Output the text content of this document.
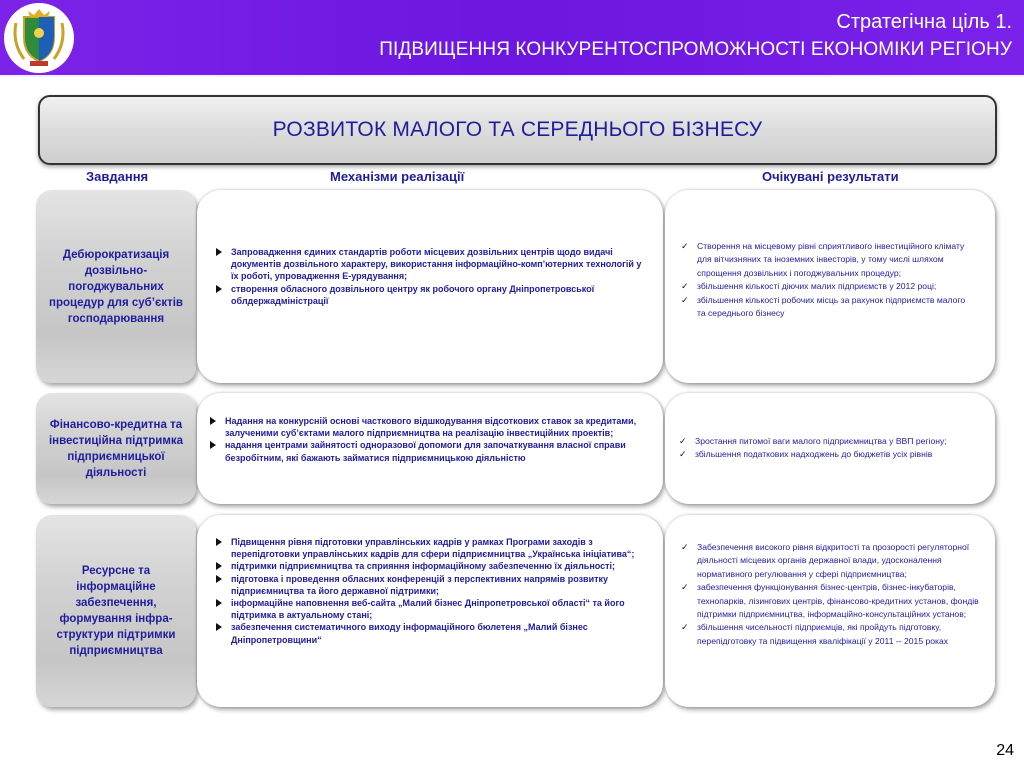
Стратегічна ціль 1.
ПІДВИЩЕННЯ КОНКУРЕНТОСПРОМОЖНОСТІ ЕКОНОМІКИ РЕГІОНУ
РОЗВИТОК МАЛОГО ТА СЕРЕДНЬОГО БІЗНЕСУ
Завдання	Механізми реалізації	Очікувані результати
Дебюрократизація дозвільно-погоджувальних процедур для суб’єктів господарювання
Запровадження єдиних стандартів роботи місцевих дозвільних центрів щодо видачі документів дозвільного характеру, використання інформаційно-комп’ютерних технологій у їх роботі, упровадження Е-урядування;
створення обласного дозвільного центру як робочого органу Дніпропетровської облдержадміністрації
✓ Створення на місцевому рівні сприятливого інвестиційного клімату для вітчизняних та іноземних інвесторів, у тому числі шляхом спрощення дозвільних і погоджувальних процедур;
✓ збільшення кількості діючих малих підприємств у 2012 році;
✓ збільшення кількості робочих місць за рахунок підприємств малого та середнього бізнесу
Фінансово-кредитна та інвестиційна підтримка підприємницької діяльності
Надання на конкурсній основі часткового відшкодування відсоткових ставок за кредитами, залученими суб’єктами малого підприємництва на реалізацію інвестиційних проектів;
надання центрами зайнятості одноразової допомоги для започаткування власної справи безробітним, які бажають займатися підприємницькою діяльністю
✓ Зростання питомої ваги малого підприємництва у ВВП регіону;
✓ збільшення податкових надходжень до бюджетів усіх рівнів
Ресурсне та інформаційне забезпечення, формування інфра-структури підтримки підприємництва
Підвищення рівня підготовки управлінських кадрів у рамках Програми заходів з перепідготовки управлінських кадрів для сфери підприємництва „Українська ініціатива“;
підтримки підприємництва та сприяння інформаційному забезпеченню їх діяльності;
підготовка і проведення обласних конференцій з перспективних напрямів розвитку підприємництва та його державної підтримки;
інформаційне наповнення веб-сайта „Малий бізнес Дніпропетровської області“ та його підтримка в актуальному стані;
забезпечення систематичного виходу інформаційного бюлетеня „Малий бізнес Дніпропетровщини“
✓ Забезпечення високого рівня відкритості та прозорості регуляторної діяльності місцевих органів державної влади, удосконалення нормативного регулювання у сфері підприємництва;
✓ забезпечення функціонування бізнес-центрів, бізнес-інкубаторів, технопарків, лізингових центрів, фінансово-кредитних установ, фондів підтримки підприємництва, інформаційно-консультаційних установ;
✓ збільшення чисельності підприємців, які пройдуть підготовку, перепідготовку та підвищення кваліфікації у 2011 -- 2015 роках
24
